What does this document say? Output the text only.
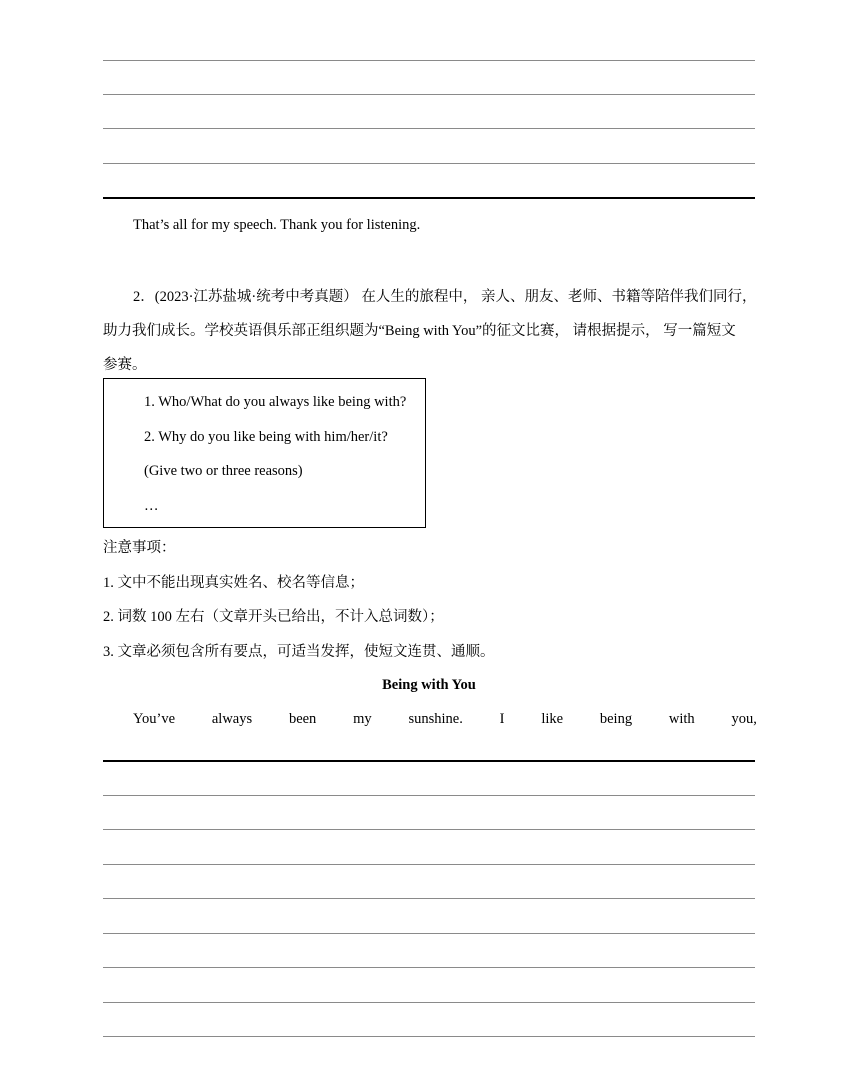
That’s all for my speech. Thank you for listening.
2．(2023·江苏盐城·统考中考真题） 在人生的旅程中， 亲人、朋友、老师、书籍等陪伴我们同行，
助力我们成长。学校英语俱乐部正组织题为“Being with You”的征文比赛， 请根据提示， 写一篇短文
参赛。
1. Who/What do you always like being with?
2. Why do you like being with him/her/it?
(Give two or three reasons)
…
注意事项：
1. 文中不能出现真实姓名、校名等信息；
2. 词数 100 左右（文章开头已给出，不计入总词数）；
3. 文章必须包含所有要点，可适当发挥，使短文连贯、通顺。
Being with You
You’ve	always	been	my	sunshine.	I	like	being	with	you,
